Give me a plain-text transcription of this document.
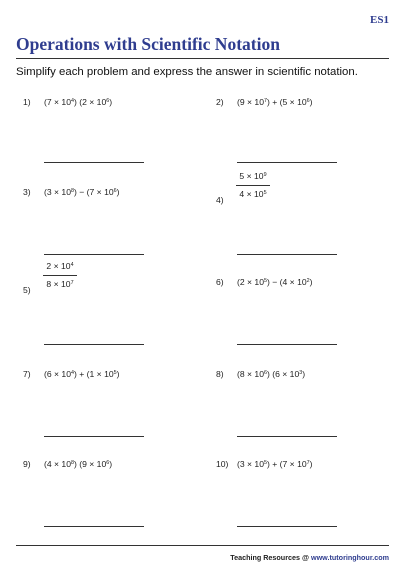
ES1
Operations with Scientific Notation
Simplify each problem and express the answer in scientific notation.
1) $(7 \times 10^4)$ $(2 \times 10^6)$	2) $(9 \times 10^7) + (5 \times 10^6)$
3) $(3 \times 10^8) - (7 \times 10^6)$
4)
$5 \times 10^9$
$4 \times 10^5$
5)
$2 \times 10^4$
$8 \times 10^7$	6) $(2 \times 10^5) - (4 \times 10^2)$
7) $(6 \times 10^4) + (1 \times 10^5)$	8) $(8 \times 10^6)$ $(6 \times 10^3)$
9) $(4 \times 10^8)$ $(9 \times 10^6)$	10) $(3 \times 10^5) + (7 \times 10^7)$
Teaching Resources @ www.tutoringhour.com
